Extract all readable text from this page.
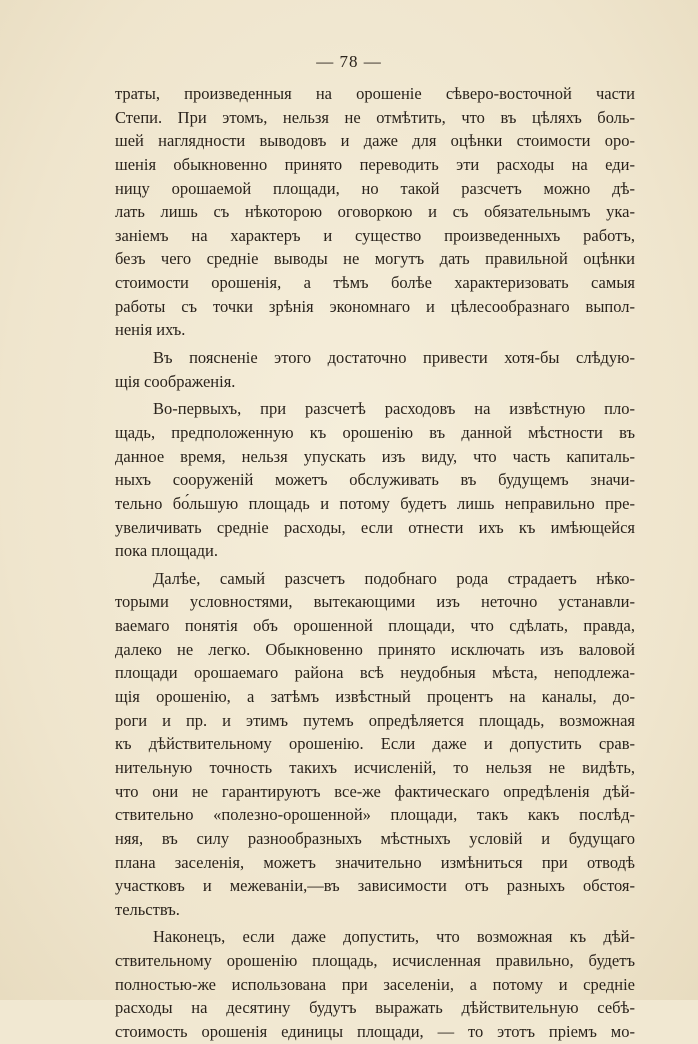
— 78 —
траты, произведенныя на орошеніе сѣверо-восточной части
Степи. При этомъ, нельзя не отмѣтить, что въ цѣляхъ боль-
шей наглядности выводовъ и даже для оцѣнки стоимости оро-
шенія обыкновенно принято переводить эти расходы на еди-
ницу орошаемой площади, но такой разсчетъ можно дѣ-
лать лишь съ нѣкоторою оговоркою и съ обязательнымъ ука-
заніемъ на характеръ и существо произведенныхъ работъ,
безъ чего средніе выводы не могутъ дать правильной оцѣнки
стоимости орошенія, а тѣмъ болѣе характеризовать самыя
работы съ точки зрѣнія экономнаго и цѣлесообразнаго выпол-
ненія ихъ.
Въ поясненіе этого достаточно привести хотя-бы слѣдую-
щія соображенія.
Во-первыхъ, при разсчетѣ расходовъ на извѣстную пло-
щадь, предположенную къ орошенію въ данной мѣстности въ
данное время, нельзя упускать изъ виду, что часть капиталь-
ныхъ сооруженій можетъ обслуживать въ будущемъ значи-
тельно бо́льшую площадь и потому будетъ лишь неправильно пре-
увеличивать средніе расходы, если отнести ихъ къ имѣющейся
пока площади.
Далѣе, самый разсчетъ подобнаго рода страдаетъ нѣко-
торыми условностями, вытекающими изъ неточно устанавли-
ваемаго понятія объ орошенной площади, что сдѣлать, правда,
далеко не легко. Обыкновенно принято исключать изъ валовой
площади орошаемаго района всѣ неудобныя мѣста, неподлежа-
щія орошенію, а затѣмъ извѣстный процентъ на каналы, до-
роги и пр. и этимъ путемъ опредѣляется площадь, возможная
къ дѣйствительному орошенію. Если даже и допустить срав-
нительную точность такихъ исчисленій, то нельзя не видѣть,
что они не гарантируютъ все-же фактическаго опредѣленія дѣй-
ствительно «полезно-орошенной» площади, такъ какъ послѣд-
няя, въ силу разнообразныхъ мѣстныхъ условій и будущаго
плана заселенія, можетъ значительно измѣниться при отводѣ
участковъ и межеваніи,—въ зависимости отъ разныхъ обстоя-
тельствъ.
Наконецъ, если даже допустить, что возможная къ дѣй-
ствительному орошенію площадь, исчисленная правильно, будетъ
полностью-же использована при заселеніи, а потому и средніе
расходы на десятину будутъ выражать дѣйствительную себѣ-
стоимость орошенія единицы площади, — то этотъ пріемъ мо-
